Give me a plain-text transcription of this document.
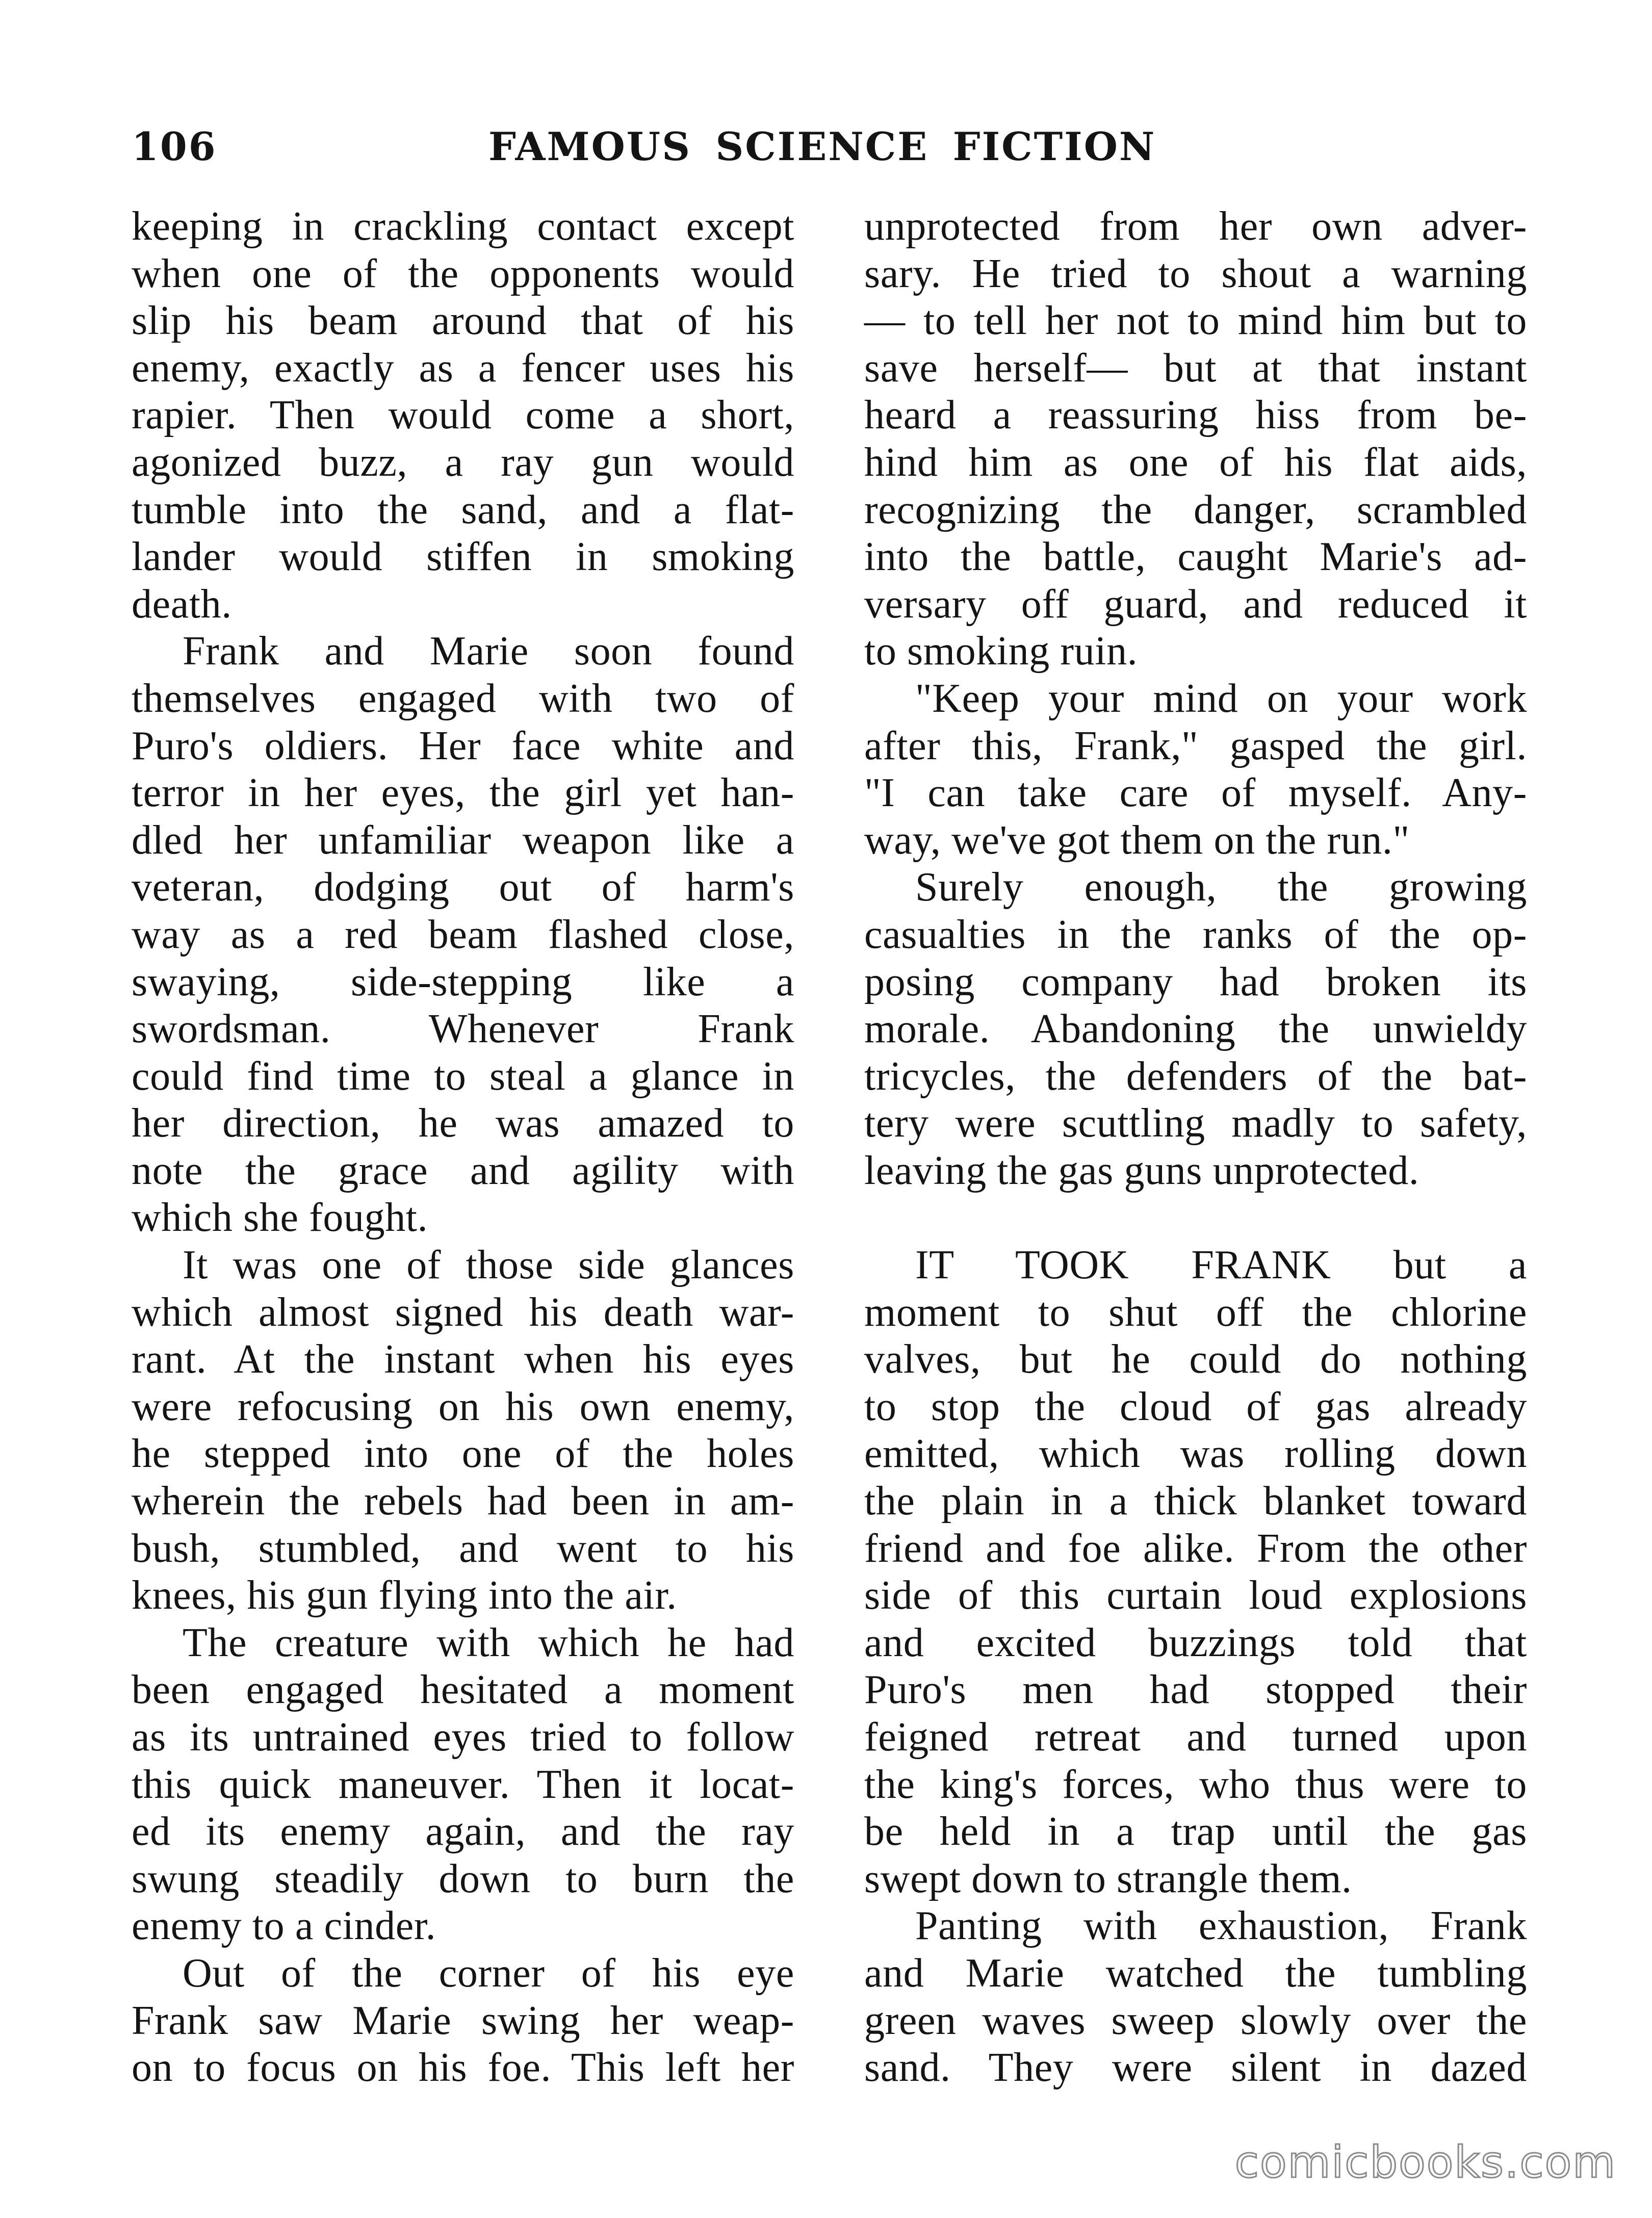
106	FAMOUS SCIENCE FICTION
keeping in crackling contact except
when one of the opponents would
slip his beam around that of his
enemy, exactly as a fencer uses his
rapier. Then would come a short,
agonized buzz, a ray gun would
tumble into the sand, and a flat-
lander would stiffen in smoking
death.
Frank and Marie soon found
themselves engaged with two of
Puro's oldiers. Her face white and
terror in her eyes, the girl yet han-
dled her unfamiliar weapon like a
veteran, dodging out of harm's
way as a red beam flashed close,
swaying, side-stepping like a
swordsman. Whenever Frank
could find time to steal a glance in
her direction, he was amazed to
note the grace and agility with
which she fought.
It was one of those side glances
which almost signed his death war-
rant. At the instant when his eyes
were refocusing on his own enemy,
he stepped into one of the holes
wherein the rebels had been in am-
bush, stumbled, and went to his
knees, his gun flying into the air.
The creature with which he had
been engaged hesitated a moment
as its untrained eyes tried to follow
this quick maneuver. Then it locat-
ed its enemy again, and the ray
swung steadily down to burn the
enemy to a cinder.
Out of the corner of his eye
Frank saw Marie swing her weap-
on to focus on his foe. This left her
unprotected from her own adver-
sary. He tried to shout a warning
— to tell her not to mind him but to
save herself— but at that instant
heard a reassuring hiss from be-
hind him as one of his flat aids,
recognizing the danger, scrambled
into the battle, caught Marie's ad-
versary off guard, and reduced it
to smoking ruin.
"Keep your mind on your work
after this, Frank," gasped the girl.
"I can take care of myself. Any-
way, we've got them on the run."
Surely enough, the growing
casualties in the ranks of the op-
posing company had broken its
morale. Abandoning the unwieldy
tricycles, the defenders of the bat-
tery were scuttling madly to safety,
leaving the gas guns unprotected.
IT TOOK FRANK but a
moment to shut off the chlorine
valves, but he could do nothing
to stop the cloud of gas already
emitted, which was rolling down
the plain in a thick blanket toward
friend and foe alike. From the other
side of this curtain loud explosions
and excited buzzings told that
Puro's men had stopped their
feigned retreat and turned upon
the king's forces, who thus were to
be held in a trap until the gas
swept down to strangle them.
Panting with exhaustion, Frank
and Marie watched the tumbling
green waves sweep slowly over the
sand. They were silent in dazed
comicbooks.com
